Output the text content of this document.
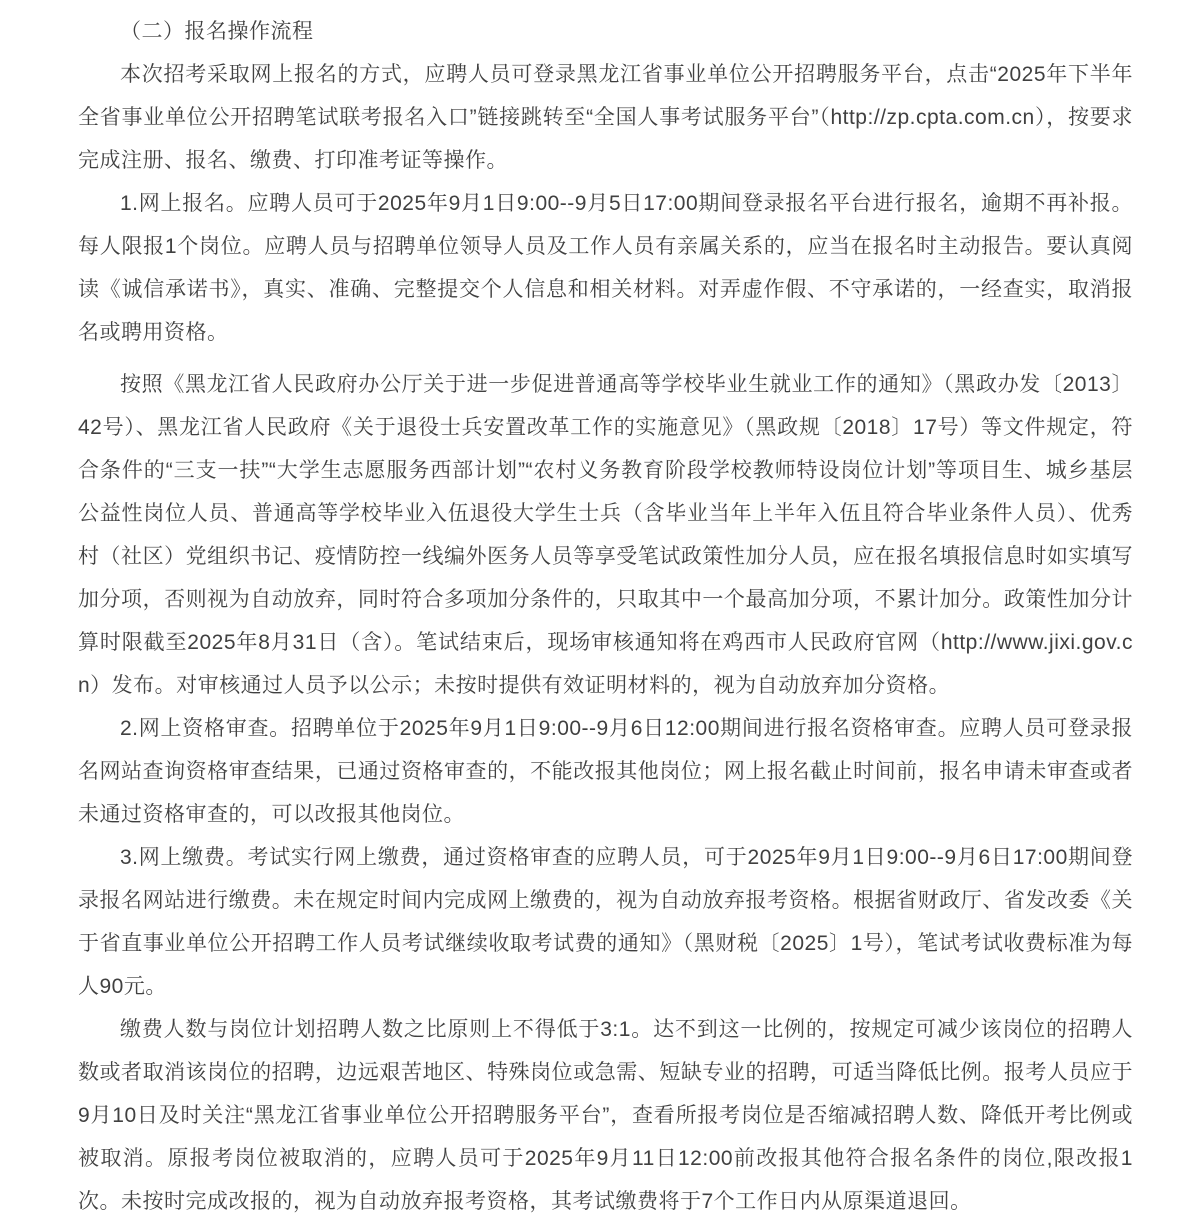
（二）报名操作流程

本次招考采取网上报名的方式，应聘人员可登录黑龙江省事业单位公开招聘服务平台，点击“2025年下半年全省事业单位公开招聘笔试联考报名入口”链接跳转至“全国人事考试服务平台”（http://zp.cpta.com.cn），按要求完成注册、报名、缴费、打印准考证等操作。

1.网上报名。应聘人员可于2025年9月1日9:00--9月5日17:00期间登录报名平台进行报名，逾期不再补报。每人限报1个岗位。应聘人员与招聘单位领导人员及工作人员有亲属关系的，应当在报名时主动报告。要认真阅读《诚信承诺书》，真实、准确、完整提交个人信息和相关材料。对弄虚作假、不守承诺的，一经查实，取消报名或聘用资格。

按照《黑龙江省人民政府办公厅关于进一步促进普通高等学校毕业生就业工作的通知》（黑政办发〔2013〕42号）、黑龙江省人民政府《关于退役士兵安置改革工作的实施意见》（黑政规〔2018〕17号）等文件规定，符合条件的“三支一扶”“大学生志愿服务西部计划”“农村义务教育阶段学校教师特设岗位计划”等项目生、城乡基层公益性岗位人员、普通高等学校毕业入伍退役大学生士兵（含毕业当年上半年入伍且符合毕业条件人员）、优秀村（社区）党组织书记、疫情防控一线编外医务人员等享受笔试政策性加分人员，应在报名填报信息时如实填写加分项，否则视为自动放弃，同时符合多项加分条件的，只取其中一个最高加分项，不累计加分。政策性加分计算时限截至2025年8月31日（含）。笔试结束后，现场审核通知将在鸡西市人民政府官网（http://www.jixi.gov.cn）发布。对审核通过人员予以公示；未按时提供有效证明材料的，视为自动放弃加分资格。

2.网上资格审查。招聘单位于2025年9月1日9:00--9月6日12:00期间进行报名资格审查。应聘人员可登录报名网站查询资格审查结果，已通过资格审查的，不能改报其他岗位；网上报名截止时间前，报名申请未审查或者未通过资格审查的，可以改报其他岗位。

3.网上缴费。考试实行网上缴费，通过资格审查的应聘人员，可于2025年9月1日9:00--9月6日17:00期间登录报名网站进行缴费。未在规定时间内完成网上缴费的，视为自动放弃报考资格。根据省财政厅、省发改委《关于省直事业单位公开招聘工作人员考试继续收取考试费的通知》（黑财税〔2025〕1号），笔试考试收费标准为每人90元。

缴费人数与岗位计划招聘人数之比原则上不得低于3:1。达不到这一比例的，按规定可减少该岗位的招聘人数或者取消该岗位的招聘，边远艰苦地区、特殊岗位或急需、短缺专业的招聘，可适当降低比例。报考人员应于9月10日及时关注“黑龙江省事业单位公开招聘服务平台”，查看所报考岗位是否缩减招聘人数、降低开考比例或被取消。原报考岗位被取消的，应聘人员可于2025年9月11日12:00前改报其他符合报名条件的岗位,限改报1次。未按时完成改报的，视为自动放弃报考资格，其考试缴费将于7个工作日内从原渠道退回。
